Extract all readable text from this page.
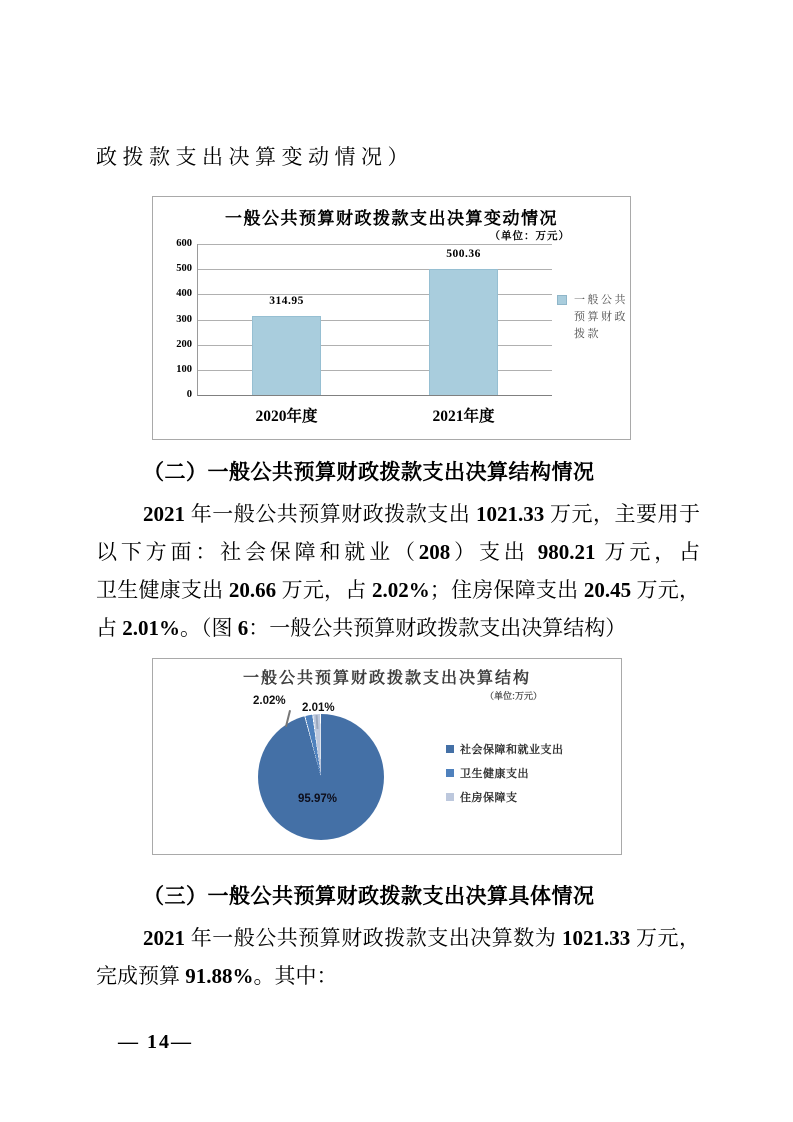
政拨款支出决算变动情况）
一般公共预算财政拨款支出决算变动情况
（单位：万元）
0
100
200
300
400
500
600
314.95
2020年度
500.36
2021年度
一般公共预算财政拨款
（二）一般公共预算财政拨款支出决算结构情况
2021 年一般公共预算财政拨款支出 1021.33 万元，主要用于
以下方面：社会保障和就业（208）支出 980.21 万元，占
卫生健康支出 20.66 万元，占 2.02%；住房保障支出 20.45 万元，
占 2.01%。（图 6：一般公共预算财政拨款支出决算结构）
一般公共预算财政拨款支出决算结构
（单位:万元）
2.02%
2.01%
95.97%
社会保障和就业支出
卫生健康支出
住房保障支
（三）一般公共预算财政拨款支出决算具体情况
2021 年一般公共预算财政拨款支出决算数为 1021.33 万元，
完成预算 91.88%。其中：
— 14—
